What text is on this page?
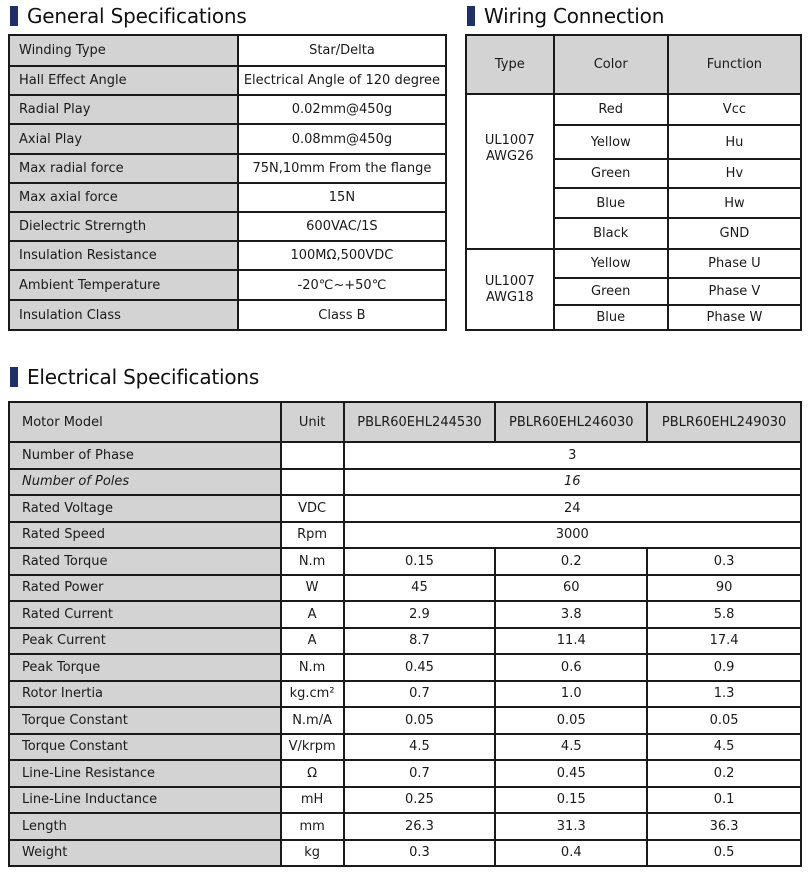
General Specifications
Winding Type	Star/Delta
Hall Effect Angle	Electrical Angle of 120 degree
Radial Play	0.02mm@450g
Axial Play	0.08mm@450g
Max radial force	75N,10mm From the flange
Max axial force	15N
Dielectric Strerngth	600VAC/1S
Insulation Resistance	100MΩ,500VDC
Ambient Temperature	-20℃~+50℃
Insulation Class	Class B
Wiring Connection
Type	Color	Function

UL1007
AWG26	Red	Vcc
	Yellow	Hu
	Green	Hv
	Blue	Hw
	Black	GND

UL1007
AWG18	Yellow	Phase U
	Green	Phase V
	Blue	Phase W
Electrical Specifications
Motor Model	Unit	PBLR60EHL244530	PBLR60EHL246030	PBLR60EHL249030
Number of Phase		3		
Number of Poles		16		
Rated Voltage	VDC	24		
Rated Speed	Rpm	3000		
Rated Torque	N.m	0.15	0.2	0.3
Rated Power	W	45	60	90
Rated Current	A	2.9	3.8	5.8
Peak Current	A	8.7	11.4	17.4
Peak Torque	N.m	0.45	0.6	0.9
Rotor Inertia	kg.cm²	0.7	1.0	1.3
Torque Constant	N.m/A	0.05	0.05	0.05
Torque Constant	V/krpm	4.5	4.5	4.5
Line-Line Resistance	Ω	0.7	0.45	0.2
Line-Line Inductance	mH	0.25	0.15	0.1
Length	mm	26.3	31.3	36.3
Weight	kg	0.3	0.4	0.5
